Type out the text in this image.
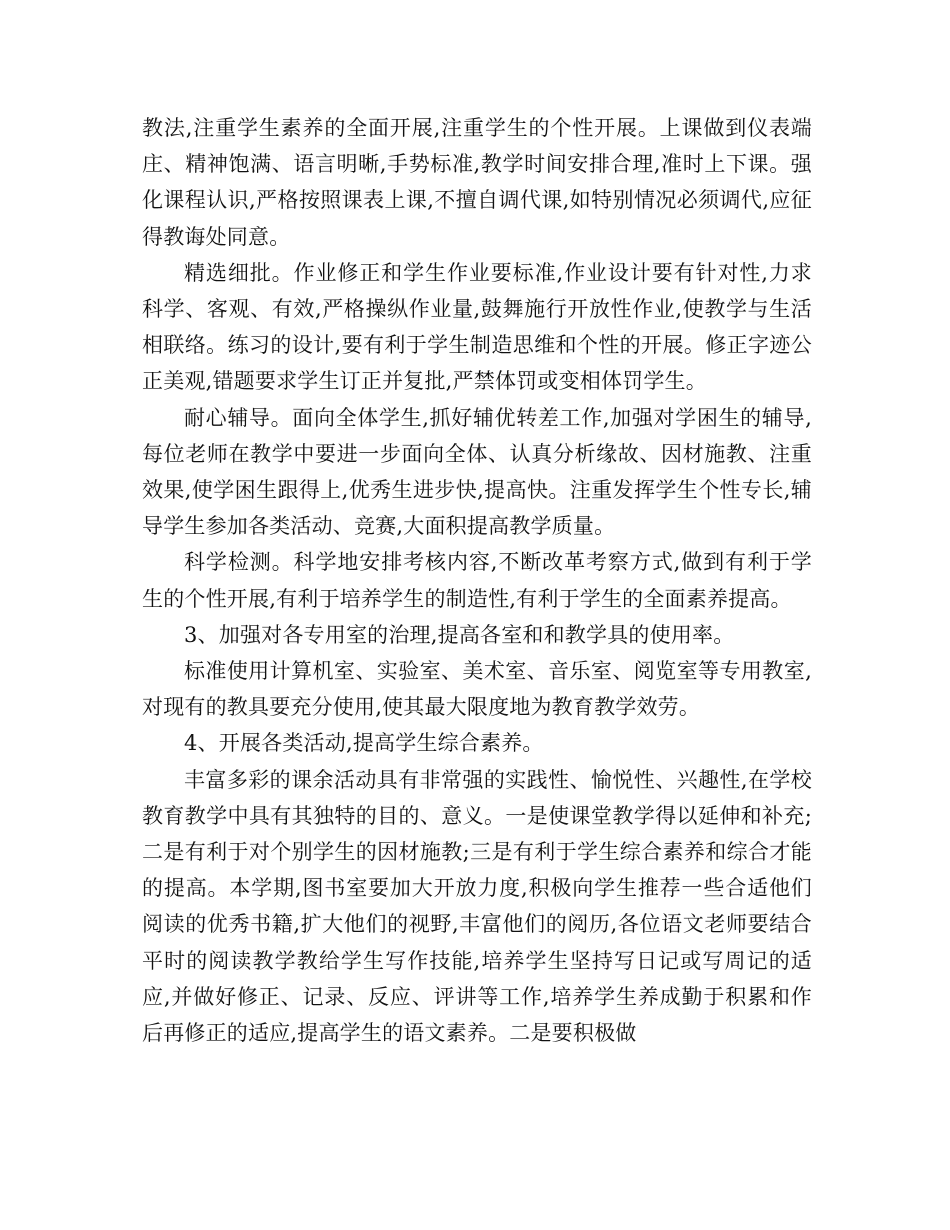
教法,注重学生素养的全面开展,注重学生的个性开展。上课做到仪表端庄、精神饱满、语言明晰,手势标准,教学时间安排合理,准时上下课。强化课程认识,严格按照课表上课,不擅自调代课,如特别情况必须调代,应征得教诲处同意。

精选细批。作业修正和学生作业要标准,作业设计要有针对性,力求科学、客观、有效,严格操纵作业量,鼓舞施行开放性作业,使教学与生活相联络。练习的设计,要有利于学生制造思维和个性的开展。修正字迹公正美观,错题要求学生订正并复批,严禁体罚或变相体罚学生。

耐心辅导。面向全体学生,抓好辅优转差工作,加强对学困生的辅导,每位老师在教学中要进一步面向全体、认真分析缘故、因材施教、注重效果,使学困生跟得上,优秀生进步快,提高快。注重发挥学生个性专长,辅导学生参加各类活动、竞赛,大面积提高教学质量。

科学检测。科学地安排考核内容,不断改革考察方式,做到有利于学生的个性开展,有利于培养学生的制造性,有利于学生的全面素养提高。

3、加强对各专用室的治理,提高各室和和教学具的使用率。

标准使用计算机室、实验室、美术室、音乐室、阅览室等专用教室,对现有的教具要充分使用,使其最大限度地为教育教学效劳。

4、开展各类活动,提高学生综合素养。

丰富多彩的课余活动具有非常强的实践性、愉悦性、兴趣性,在学校教育教学中具有其独特的目的、意义。一是使课堂教学得以延伸和补充;二是有利于对个别学生的因材施教;三是有利于学生综合素养和综合才能的提高。本学期,图书室要加大开放力度,积极向学生推荐一些合适他们阅读的优秀书籍,扩大他们的视野,丰富他们的阅历,各位语文老师要结合平时的阅读教学教给学生写作技能,培养学生坚持写日记或写周记的适应,并做好修正、记录、反应、评讲等工作,培养学生养成勤于积累和作后再修正的适应,提高学生的语文素养。二是要积极做
